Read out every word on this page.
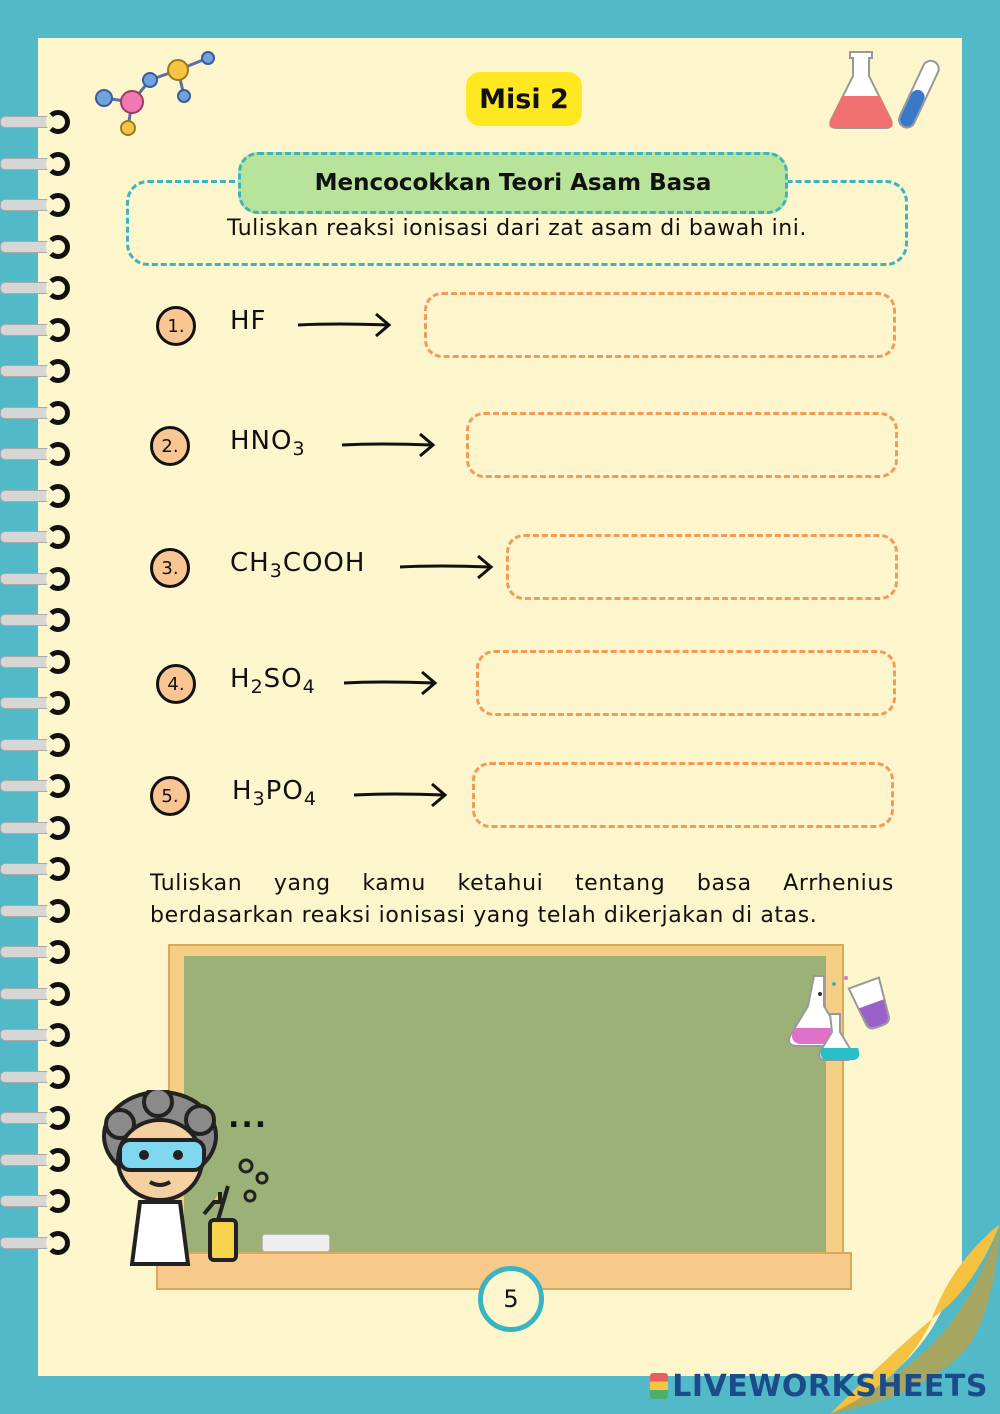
Misi 2
Mencocokkan Teori Asam Basa
Tuliskan reaksi ionisasi dari zat asam di bawah ini.
1.	HF
2.	$HNO_3$
3.	$CH_3COOH$
4.	$H_2SO_4$
5.	$H_3PO_4$
Tuliskan yang kamu ketahui tentang basa Arrhenius berdasarkan reaksi ionisasi yang telah dikerjakan di atas.
...
5
LIVEWORKSHEETS
